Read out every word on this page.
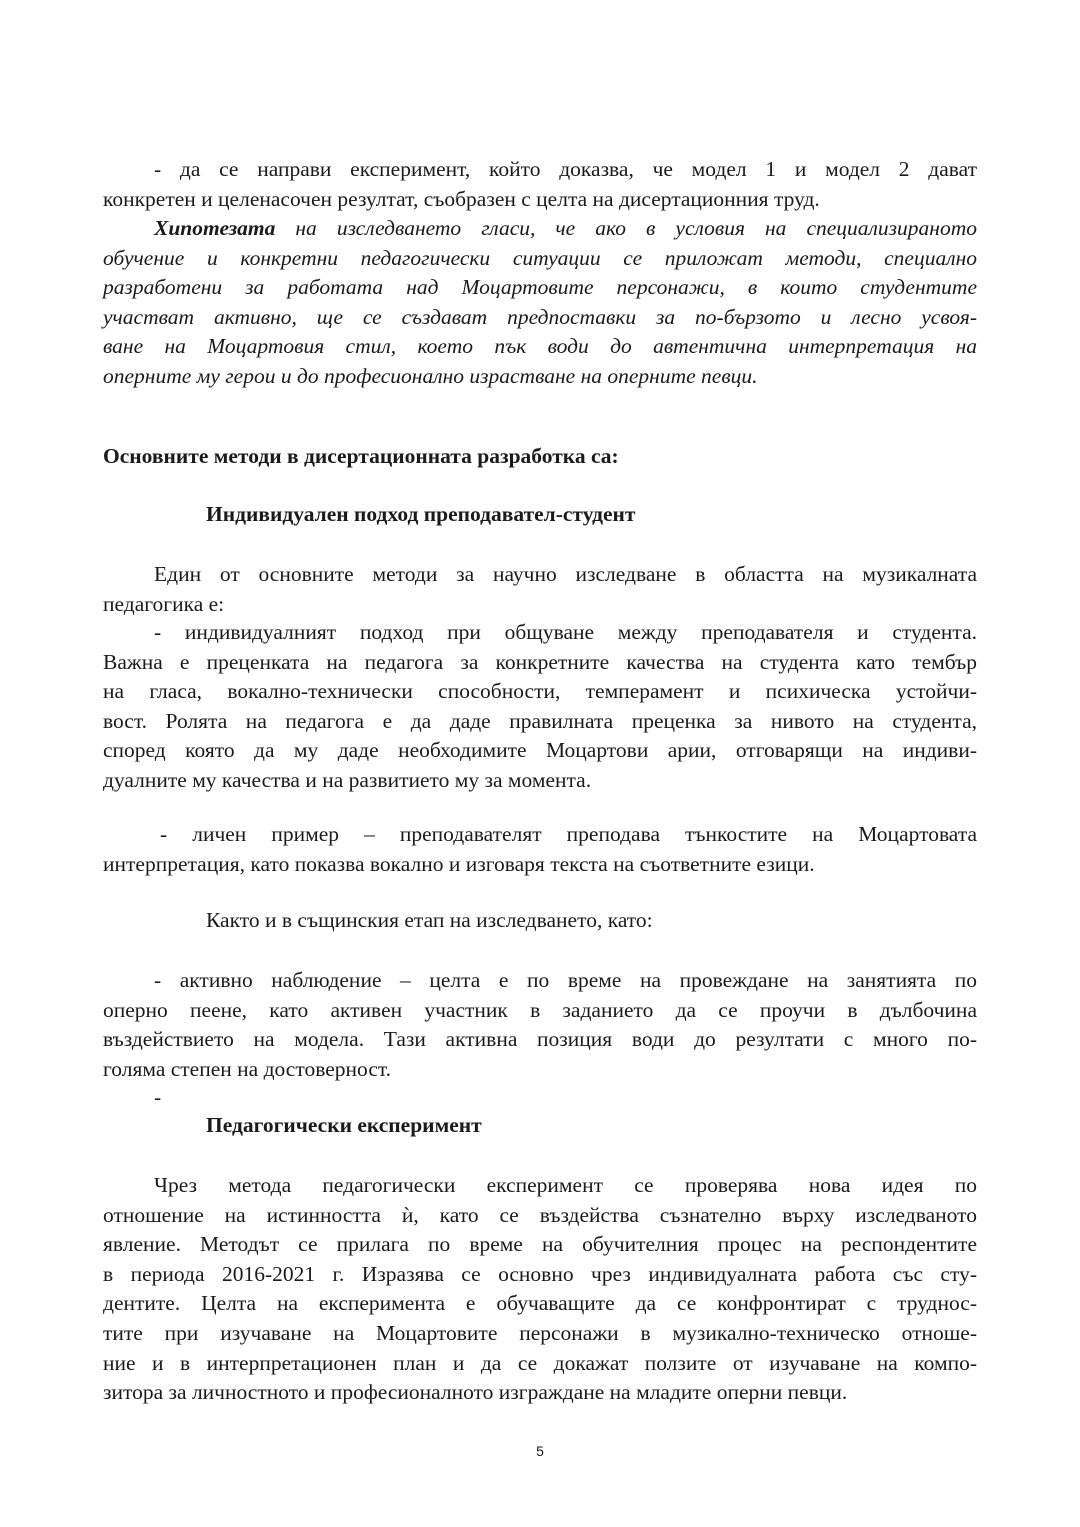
- да се направи експеримент, който доказва, че модел 1 и модел 2 дават
конкретен и целенасочен резултат, съобразен с целта на дисертационния труд.
Хипотезата на изследването гласи, че ако в условия на специализираното
обучение и конкретни педагогически ситуации се приложат методи, специално
разработени за работата над Моцартовите персонажи, в които студентите
участват активно, ще се създават предпоставки за по-бързото и лесно усвоя-
ване на Моцартовия стил, което пък води до автентична интерпретация на
оперните му герои и до професионално израстване на оперните певци.
Основните методи в дисертационната разработка са:
Индивидуален подход преподавател-студент
Един от основните методи за научно изследване в областта на музикалната
педагогика е:
- индивидуалният подход при общуване между преподавателя и студента.
Важна е преценката на педагога за конкретните качества на студента като тембър
на гласа, вокално-технически способности, темперамент и психическа устойчи-
вост. Ролята на педагога е да даде правилната преценка за нивото на студента,
според която да му даде необходимите Моцартови арии, отговарящи на индиви-
дуалните му качества и на развитието му за момента.
- личен пример – преподавателят преподава тънкостите на Моцартовата
интерпретация, като показва вокално и изговаря текста на съответните езици.
Както и в същинския етап на изследването, като:
- активно наблюдение – целта е по време на провеждане на занятията по
оперно пеене, като активен участник в заданието да се проучи в дълбочина
въздействието на модела. Тази активна позиция води до резултати с много по-
голяма степен на достоверност.
-
Педагогически експеримент
Чрез метода педагогически експеримент се проверява нова идея по
отношение на истинността ѝ, като се въздейства съзнателно върху изследваното
явление. Методът се прилага по време на обучителния процес на респондентите
в периода 2016-2021 г. Изразява се основно чрез индивидуалната работа със сту-
дентите. Целта на експеримента е обучаващите да се конфронтират с труднос-
тите при изучаване на Моцартовите персонажи в музикално-техническо отноше-
ние и в интерпретационен план и да се докажат ползите от изучаване на компо-
зитора за личностното и професионалното изграждане на младите оперни певци.
5
